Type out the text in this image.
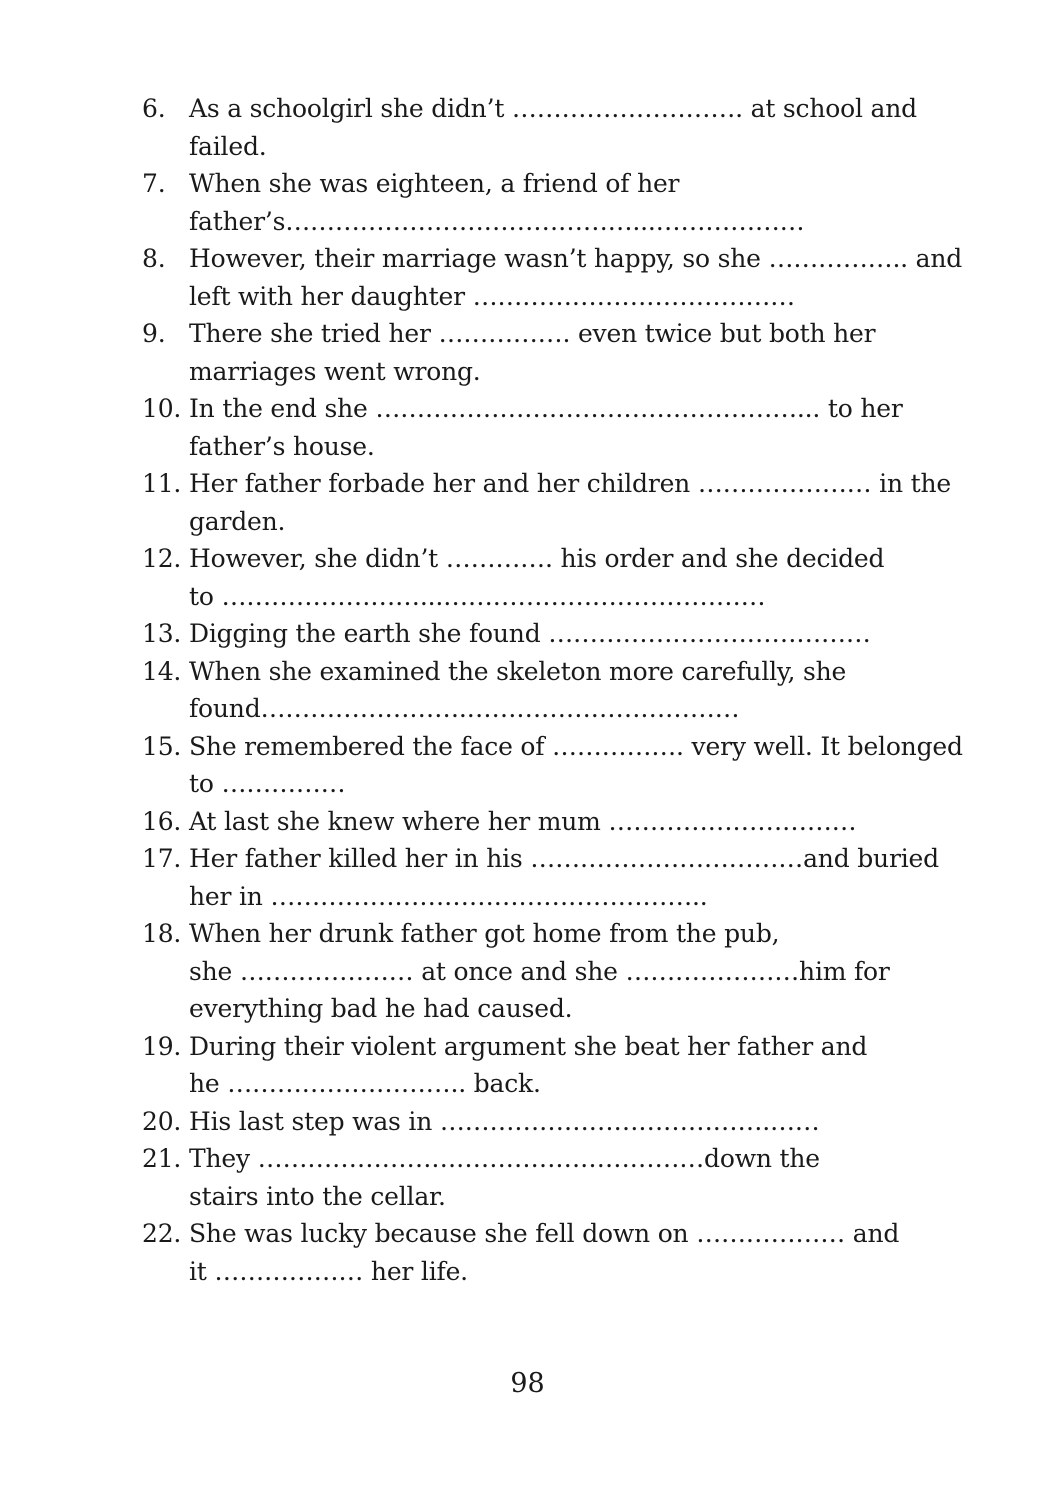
6. As a schoolgirl she didn’t ………………………. at school and
failed.
7. When she was eighteen, a friend of her
father’s……………………………………...………………
8. However, their marriage wasn’t happy, so she …………….. and
left with her daughter …………………………………
9. There she tried her ……………. even twice but both her
marriages went wrong.
10. In the end she ……………………………………………... to her
father’s house.
11. Her father forbade her and her children ………………… in the
garden.
12. However, she didn’t …………. his order and she decided
to ……………………...…………………………………
13. Digging the earth she found …………………………………
14. When she examined the skeleton more carefully, she
found…………………….……………………………
15. She remembered the face of ……………. very well. It belonged
to ……………
16. At last she knew where her mum …………………………
17. Her father killed her in his ……………………………and buried
her in ……………………………………………..
18. When her drunk father got home from the pub,
she ………………… at once and she …………………him for
everything bad he had caused.
19. During their violent argument she beat her father and
he ……………………….. back.
20. His last step was in ………………………………….……
21. They ………………………………………………down the
stairs into the cellar.
22. She was lucky because she fell down on ……………… and
it ……………… her life.
98
